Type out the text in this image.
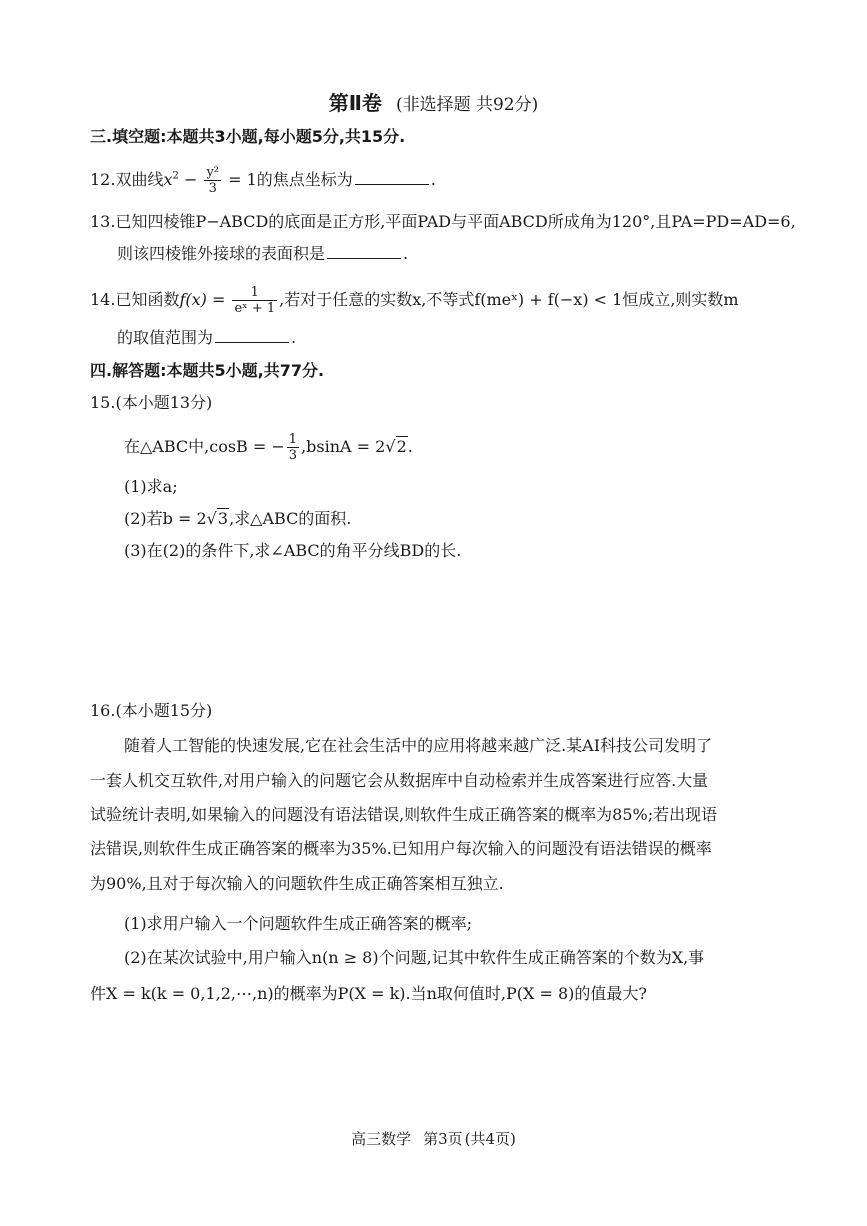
第Ⅱ卷 (非选择题 共92分)
三.填空题:本题共3小题,每小题5分,共15分.
12.双曲线$x^2 - \frac{\text{y²}}{3} = 1$的焦点坐标为	.
13.已知四棱锥P−ABCD的底面是正方形,平面PAD与平面ABCD所成角为120°,且PA=PD=AD=6,
则该四棱锥外接球的表面积是	.
14.已知函数$f(x) = \frac{1}{\text{eˣ + 1}}$ ,若对于任意的实数x,不等式f(meˣ) + f(−x) < 1恒成立,则实数m
的取值范围为	.
四.解答题:本题共5小题,共77分.
15.(本小题13分)
在△ABC中,cosB = − $\frac{1}{3} ,bsinA = 2√2$.
(1)求a;
(2)若b = 2√3,求△ABC的面积.
(3)在(2)的条件下,求∠ABC的角平分线BD的长.
16.(本小题15分)
随着人工智能的快速发展,它在社会生活中的应用将越来越广泛.某AI科技公司发明了
一套人机交互软件,对用户输入的问题它会从数据库中自动检索并生成答案进行应答.大量
试验统计表明,如果输入的问题没有语法错误,则软件生成正确答案的概率为85%;若出现语
法错误,则软件生成正确答案的概率为35%.已知用户每次输入的问题没有语法错误的概率
为90%,且对于每次输入的问题软件生成正确答案相互独立.
(1)求用户输入一个问题软件生成正确答案的概率;
(2)在某次试验中,用户输入n(n ≥ 8)个问题,记其中软件生成正确答案的个数为X,事
件X = k(k = 0,1,2,⋯,n)的概率为P(X = k).当n取何值时,P(X = 8)的值最大?
高三数学 第3页 (共4页)
